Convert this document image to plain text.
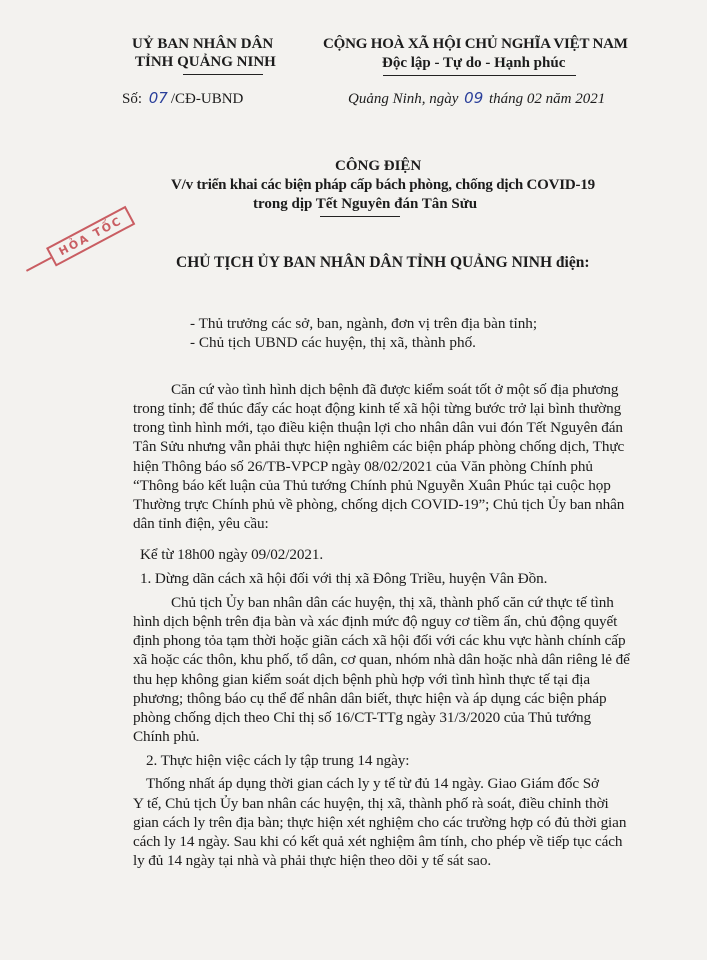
UỶ BAN NHÂN DÂN
TỈNH QUẢNG NINH
Số: 07 /CĐ-UBND
CỘNG HOÀ XÃ HỘI CHỦ NGHĨA VIỆT NAM
Độc lập - Tự do - Hạnh phúc
Quảng Ninh, ngày 09 tháng 02 năm 2021
CÔNG ĐIỆN
V/v triển khai các biện pháp cấp bách phòng, chống dịch COVID-19
trong dịp Tết Nguyên đán Tân Sửu
HỎA TỐC
CHỦ TỊCH ỦY BAN NHÂN DÂN TỈNH QUẢNG NINH điện:
- Thủ trưởng các sở, ban, ngành, đơn vị trên địa bàn tỉnh;
- Chủ tịch UBND các huyện, thị xã, thành phố.
Căn cứ vào tình hình dịch bệnh đã được kiểm soát tốt ở một số địa phương
trong tỉnh; để thúc đẩy các hoạt động kinh tế xã hội từng bước trở lại bình thường
trong tình hình mới, tạo điều kiện thuận lợi cho nhân dân vui đón Tết Nguyên đán
Tân Sửu nhưng vẫn phải thực hiện nghiêm các biện pháp phòng chống dịch, Thực
hiện Thông báo số 26/TB-VPCP ngày 08/02/2021 của Văn phòng Chính phủ
“Thông báo kết luận của Thủ tướng Chính phủ Nguyễn Xuân Phúc tại cuộc họp
Thường trực Chính phủ về phòng, chống dịch COVID-19”; Chủ tịch Ủy ban nhân
dân tỉnh điện, yêu cầu:
Kể từ 18h00 ngày 09/02/2021.
1. Dừng dãn cách xã hội đối với thị xã Đông Triều, huyện Vân Đồn.
Chủ tịch Ủy ban nhân dân các huyện, thị xã, thành phố căn cứ thực tế tình
hình dịch bệnh trên địa bàn và xác định mức độ nguy cơ tiềm ẩn, chủ động quyết
định phong tỏa tạm thời hoặc giãn cách xã hội đối với các khu vực hành chính cấp
xã hoặc các thôn, khu phố, tổ dân, cơ quan, nhóm nhà dân hoặc nhà dân riêng lẻ để
thu hẹp không gian kiểm soát dịch bệnh phù hợp với tình hình thực tế tại địa
phương; thông báo cụ thể để nhân dân biết, thực hiện và áp dụng các biện pháp
phòng chống dịch theo Chỉ thị số 16/CT-TTg ngày 31/3/2020 của Thủ tướng
Chính phủ.
2. Thực hiện việc cách ly tập trung 14 ngày:
Thống nhất áp dụng thời gian cách ly y tế từ đủ 14 ngày. Giao Giám đốc Sở
Y tế, Chủ tịch Ủy ban nhân các huyện, thị xã, thành phố rà soát, điều chỉnh thời
gian cách ly trên địa bàn; thực hiện xét nghiệm cho các trường hợp có đủ thời gian
cách ly 14 ngày. Sau khi có kết quả xét nghiệm âm tính, cho phép về tiếp tục cách
ly đủ 14 ngày tại nhà và phải thực hiện theo dõi y tế sát sao.
